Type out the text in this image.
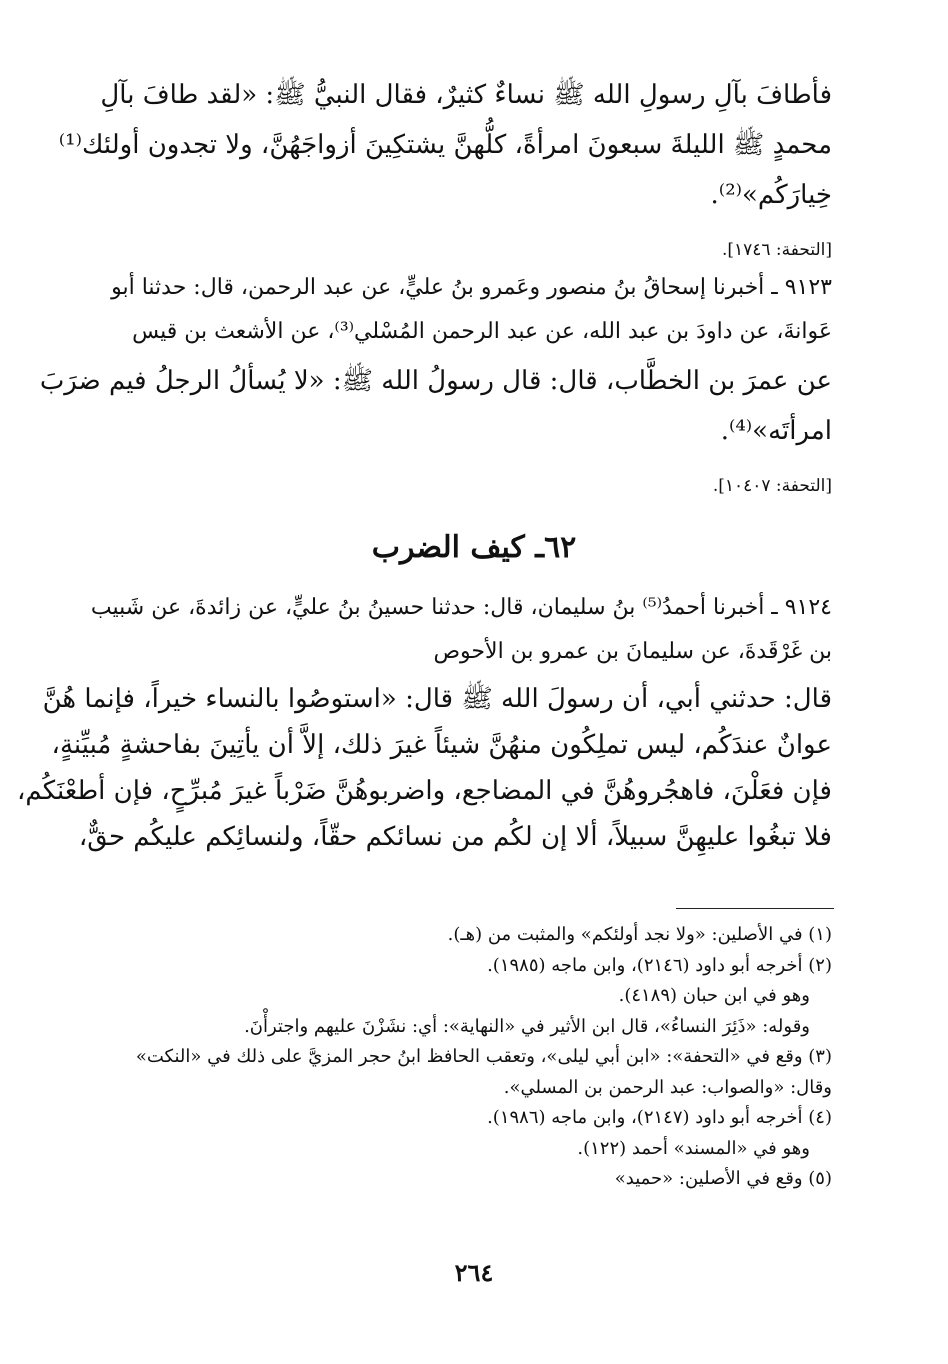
فأطافَ بآلِ رسولِ الله ﷺ نساءٌ كثيرٌ، فقال النبيُّ ﷺ: «لقد طافَ بآلِ
محمدٍ ﷺ الليلةَ سبعونَ امرأةً، كلُّهنَّ يشتكِينَ أزواجَهُنَّ، ولا تجدون أولئك⁽¹⁾
خِيارَكُم»⁽²⁾.
[التحفة: ١٧٤٦].
٩١٢٣ ـ أخبرنا إسحاقُ بنُ منصور وعَمرو بنُ عليٍّ، عن عبد الرحمن، قال: حدثنا أبو
عَوانةَ، عن داودَ بن عبد الله، عن عبد الرحمن المُسْلي⁽³⁾، عن الأشعث بن قيس
عن عمرَ بن الخطَّاب، قال: قال رسولُ الله ﷺ: «لا يُسألُ الرجلُ فيم ضرَبَ
امرأتَه»⁽⁴⁾.
[التحفة: ١٠٤٠٧].
٦٢ـ كيف الضرب
٩١٢٤ ـ أخبرنا أحمدُ⁽⁵⁾ بنُ سليمان، قال: حدثنا حسينُ بنُ عليٍّ، عن زائدةَ، عن شَبيب
بن غَرْقَدةَ، عن سليمانَ بن عمرو بن الأحوص
قال: حدثني أبي، أن رسولَ الله ﷺ قال: «استوصُوا بالنساء خيراً، فإنما هُنَّ
عوانٌ عندَكُم، ليس تملِكُون منهُنَّ شيئاً غيرَ ذلك، إلاَّ أن يأتِينَ بفاحشةٍ مُبيِّنةٍ،
فإن فعَلْنَ، فاهجُروهُنَّ في المضاجع، واضربوهُنَّ ضَرْباً غيرَ مُبرِّحٍ، فإن أطعْنَكُم،
فلا تبغُوا عليهِنَّ سبيلاً، ألا إن لكُم من نسائكم حقّاً، ولنسائِكم عليكُم حقٌّ،
(١) في الأصلين: «ولا نجد أولئكم» والمثبت من (هـ).
(٢) أخرجه أبو داود (٢١٤٦)، وابن ماجه (١٩٨٥).
وهو في ابن حبان (٤١٨٩).
وقوله: «ذَئِرَ النساءُ»، قال ابن الأثير في «النهاية»: أي: نشَزْنَ عليهم واجترأْنَ.
(٣) وقع في «التحفة»: «ابن أبي ليلى»، وتعقب الحافظ ابنُ حجر المزيَّ على ذلك في «النكت»
وقال: «والصواب: عبد الرحمن بن المسلي».
(٤) أخرجه أبو داود (٢١٤٧)، وابن ماجه (١٩٨٦).
وهو في «المسند» أحمد (١٢٢).
(٥) وقع في الأصلين: «حميد»
٢٦٤
